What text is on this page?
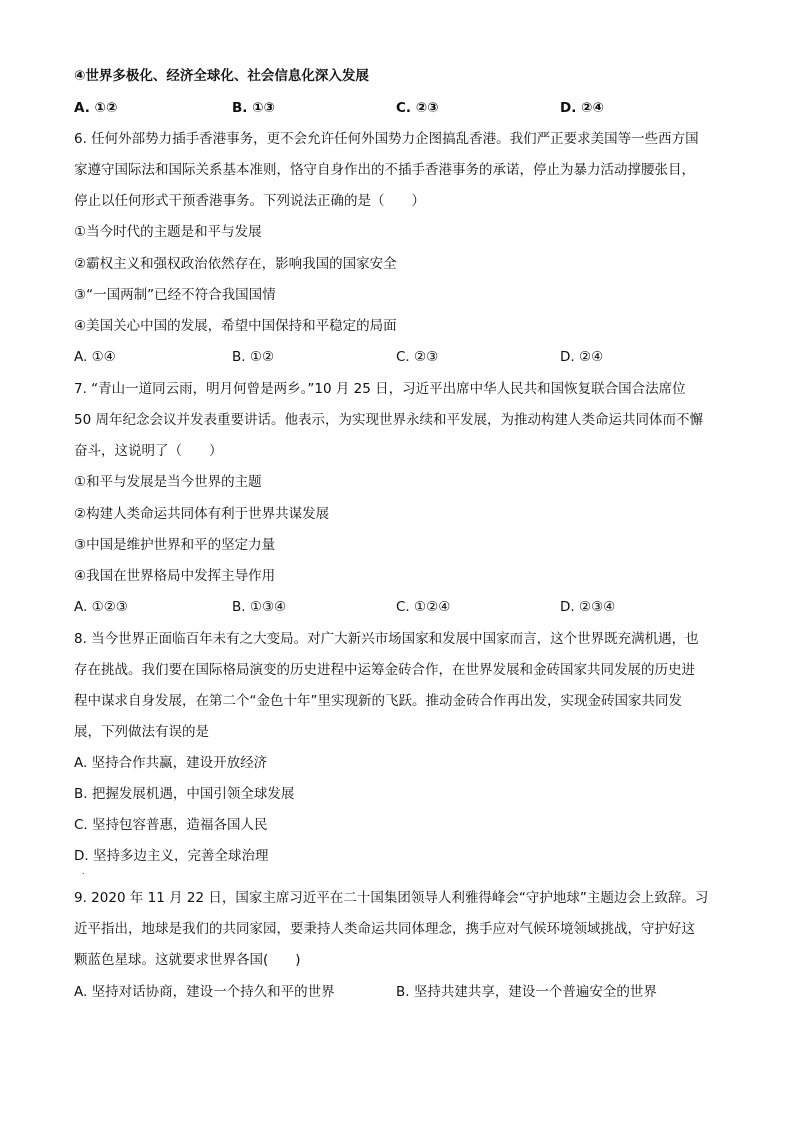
④世界多极化、经济全球化、社会信息化深入发展
A. ①②	B. ①③	C. ②③	D. ②④
6. 任何外部势力插手香港事务，更不会允许任何外国势力企图搞乱香港。我们严正要求美国等一些西方国
家遵守国际法和国际关系基本准则，恪守自身作出的不插手香港事务的承诺，停止为暴力活动撑腰张目，
停止以任何形式干预香港事务。下列说法正确的是（　　）
①当今时代的主题是和平与发展
②霸权主义和强权政治依然存在，影响我国的国家安全
③“一国两制”已经不符合我国国情
④美国关心中国的发展，希望中国保持和平稳定的局面
A. ①④	B. ①②	C. ②③	D. ②④
7. “青山一道同云雨，明月何曾是两乡。”10 月 25 日，习近平出席中华人民共和国恢复联合国合法席位
50 周年纪念会议并发表重要讲话。他表示，为实现世界永续和平发展，为推动构建人类命运共同体而不懈
奋斗，这说明了（　　）
①和平与发展是当今世界的主题
②构建人类命运共同体有利于世界共谋发展
③中国是维护世界和平的坚定力量
④我国在世界格局中发挥主导作用
A. ①②③	B. ①③④	C. ①②④	D. ②③④
8. 当今世界正面临百年未有之大变局。对广大新兴市场国家和发展中国家而言，这个世界既充满机遇，也
存在挑战。我们要在国际格局演变的历史进程中运筹金砖合作，在世界发展和金砖国家共同发展的历史进
程中谋求自身发展，在第二个“金色十年”里实现新的飞跃。推动金砖合作再出发，实现金砖国家共同发
展，下列做法有误的是
A. 坚持合作共赢，建设开放经济
B. 把握发展机遇，中国引领全球发展
C. 坚持包容普惠，造福各国人民
D. 坚持多边主义，完善全球治理
.
9. 2020 年 11 月 22 日，国家主席习近平在二十国集团领导人利雅得峰会“守护地球”主题边会上致辞。习
近平指出，地球是我们的共同家园，要秉持人类命运共同体理念，携手应对气候环境领域挑战，守护好这
颗蓝色星球。这就要求世界各国(　　)
A. 坚持对话协商，建设一个持久和平的世界	B. 坚持共建共享，建设一个普遍安全的世界
